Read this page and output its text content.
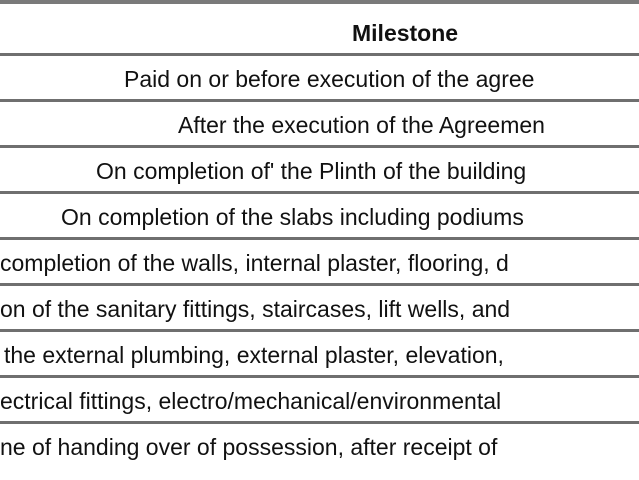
Milestone
Paid on or before execution of the agree
After the execution of the Agreemen
On completion of' the Plinth of the building
On completion of the slabs including podiums
completion of the walls, internal plaster, flooring, d
on of the sanitary fittings, staircases, lift wells, and
the external plumbing, external plaster, elevation,
ectrical fittings, electro/mechanical/environmental
ne of handing over of possession, after receipt of
